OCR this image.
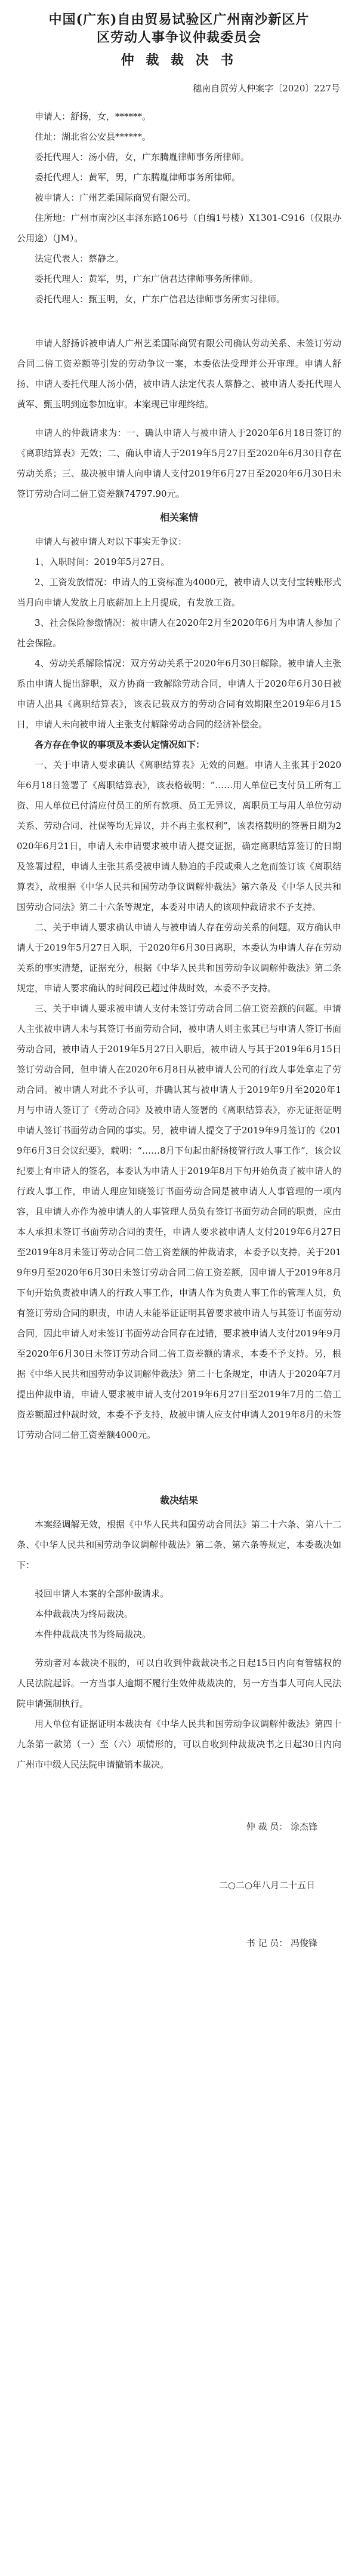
中国(广东)自由贸易试验区广州南沙新区片
区劳动人事争议仲裁委员会
仲 裁 裁 决 书
穗南自贸劳人仲案字〔2020〕227号

申请人：舒扬，女，******。

住址：湖北省公安县******。

委托代理人：汤小倩，女，广东腾胤律师事务所律师。

委托代理人：黄军，男，广东腾胤律师事务所律师。

被申请人：广州艺柔国际商贸有限公司。

住所地：广州市南沙区丰泽东路106号（自编1号楼）X1301-C916（仅限办公用途）（JM）。

法定代表人：蔡静之。

委托代理人：黄军，男，广东广信君达律师事务所律师。

委托代理人：甄玉明，女，广东广信君达律师事务所实习律师。

申请人舒扬诉被申请人广州艺柔国际商贸有限公司确认劳动关系、未签订劳动合同二倍工资差额等引发的劳动争议一案，本委依法受理并公开审理。申请人舒扬、申请人委托代理人汤小倩，被申请人法定代表人蔡静之、被申请人委托代理人黄军、甄玉明到庭参加庭审。本案现已审理终结。

申请人的仲裁请求为：一、确认申请人与被申请人于2020年6月18日签订的《离职结算表》无效；二、确认申请人于2019年5月27日至2020年6月30日存在劳动关系；三、裁决被申请人向申请人支付2019年6月27日至2020年6月30日未签订劳动合同二倍工资差额74797.90元。

相关案情

申请人与被申请人对以下事实无争议：

1、入职时间：2019年5月27日。

2、工资发放情况：申请人的工资标准为4000元，被申请人以支付宝转账形式当月向申请人发放上月底薪加上上月提成，有发放工资。

3、社会保险参缴情况：被申请人在2020年2月至2020年6月为申请人参加了社会保险。

4、劳动关系解除情况：双方劳动关系于2020年6月30日解除。被申请人主张系由申请人提出辞职，双方协商一致解除劳动合同，申请人于2020年6月30日被申请人出具《离职结算表》，该表记载双方的劳动合同有效期限至2019年6月15日，申请人未向被申请人主张支付解除劳动合同的经济补偿金。

各方存在争议的事项及本委认定情况如下：

一、关于申请人要求确认《离职结算表》无效的问题。申请人主张其于2020年6月18日签署了《离职结算表》，该表格载明：“……用人单位已支付员工所有工资、用人单位已付清应付员工的所有款项、员工无异议，离职员工与用人单位劳动关系、劳动合同、社保等均无异议，并不再主张权利”，该表格载明的签署日期为2020年6月21日，申请人未申请要求被申请人提交证据，确定离职结算签订的日期及签署过程，申请人主张其系受被申请人胁迫的手段或乘人之危而签订该《离职结算表》，故根据《中华人民共和国劳动争议调解仲裁法》第六条及《中华人民共和国劳动合同法》第二十六条等规定，本委对申请人的该项仲裁请求不予支持。

二、关于申请人要求确认申请人与被申请人存在劳动关系的问题。双方确认申请人于2019年5月27日入职，于2020年6月30日离职，本委认为申请人存在劳动关系的事实清楚，证据充分，根据《中华人民共和国劳动争议调解仲裁法》第二条规定，申请人要求确认的时间段已超过仲裁时效，本委不予支持。

三、关于申请人要求被申请人支付未签订劳动合同二倍工资差额的问题。申请人主张被申请人未与其签订书面劳动合同，被申请人则主张其已与申请人签订书面劳动合同，被申请人于2019年5月27日入职后，被申请人与其于2019年6月15日签订劳动合同，但申请人在2020年6月8日从被申请人公司的行政人事处拿走了劳动合同。被申请人对此不予认可，并确认其与被申请人于2019年9月至2020年1月与申请人签订了《劳动合同》及被申请人签署的《离职结算表》，亦无证据证明申请人签订书面劳动合同的事实。另，被申请人提交了于2019年9月签订的《2019年6月3日会议纪要》，载明：“……8月下旬起由舒扬接管行政人事工作”，该会议纪要上有申请人的签名，本委认为申请人于2019年8月下旬开始负责了被申请人的行政人事工作，申请人理应知晓签订书面劳动合同是被申请人人事管理的一项内容，且申请人亦作为被申请人的人事管理人员负有签订书面劳动合同的职责，应由本人承担未签订书面劳动合同的责任，申请人要求被申请人支付2019年6月27日至2019年8月未签订劳动合同二倍工资差额的仲裁请求，本委予以支持。关于2019年9月至2020年6月30日未签订劳动合同二倍工资差额，因申请人于2019年8月下旬开始负责被申请人的行政人事工作，申请人作为负责人事工作的管理人员，负有签订劳动合同的职责，申请人未能举证证明其曾要求被申请人与其签订书面劳动合同，因此申请人对未签订书面劳动合同存在过错，要求被申请人支付2019年9月至2020年6月30日未签订劳动合同二倍工资差额的请求，本委不予支持。另，根据《中华人民共和国劳动争议调解仲裁法》第二十七条规定，申请人于2020年7月提出仲裁申请，申请人要求被申请人支付2019年6月27日至2019年7月的二倍工资差额超过仲裁时效，本委不予支持，故被申请人应支付申请人2019年8月的未签订劳动合同二倍工资差额4000元。

裁决结果

本案经调解无效，根据《中华人民共和国劳动合同法》第二十六条、第八十二条、《中华人民共和国劳动争议调解仲裁法》第二条、第六条等规定，本委裁决如下：

驳回申请人本案的全部仲裁请求。

本仲裁裁决为终局裁决。

本件仲裁裁决书为终局裁决。

劳动者对本裁决不服的，可以自收到仲裁裁决书之日起15日内向有管辖权的人民法院起诉。一方当事人逾期不履行生效仲裁裁决的，另一方当事人可向人民法院申请强制执行。

用人单位有证据证明本裁决有《中华人民共和国劳动争议调解仲裁法》第四十九条第一款第（一）至（六）项情形的，可以自收到仲裁裁决书之日起30日内向广州市中级人民法院申请撤销本裁决。

仲 裁 员： 涂杰锋
二○二○年八月二十五日
书 记 员： 冯俊锋
